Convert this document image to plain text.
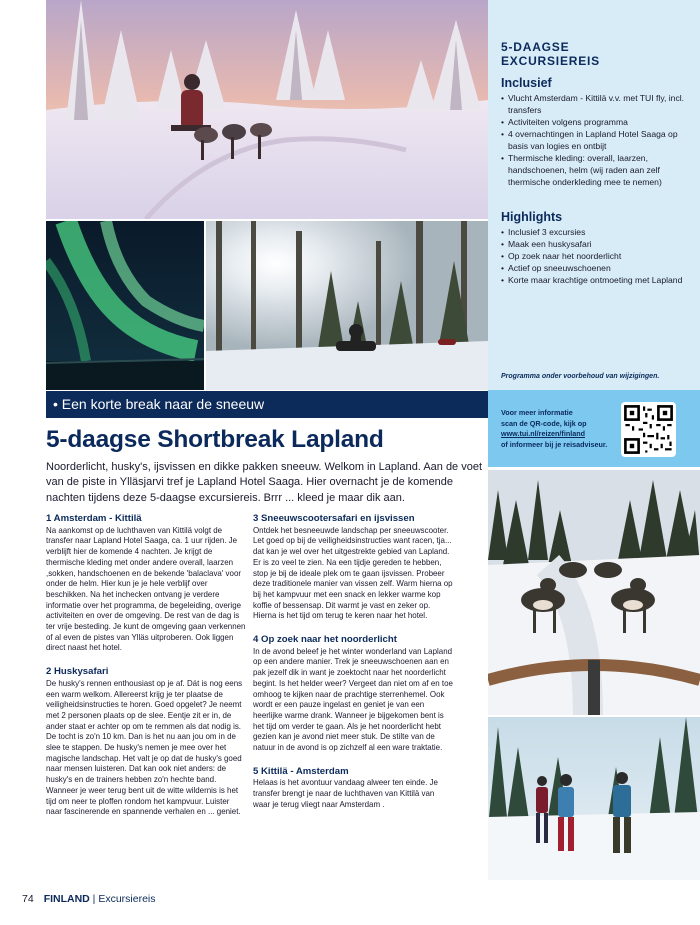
5-DAAGSE
EXCURSIEREIS
Inclusief
• Vlucht Amsterdam - Kittilä v.v. met TUI fly, incl. transfers
• Activiteiten volgens programma
• 4 overnachtingen in Lapland Hotel Saaga op basis van logies en ontbijt
• Thermische kleding: overall, laarzen, handschoenen, helm (wij raden aan zelf thermische onderkleding mee te nemen)
Highlights
• Inclusief 3 excursies
• Maak een huskysafari
• Op zoek naar het noorderlicht
• Actief op sneeuwschoenen
• Korte maar krachtige ontmoeting met Lapland
Programma onder voorbehoud van wijzigingen.
Voor meer informatie
scan de QR-code, kijk op
www.tui.nl/reizen/finland
of informeer bij je reisadviseur.
• Een korte break naar de sneeuw
5-daagse Shortbreak Lapland

Noorderlicht, husky's, ijsvissen en dikke pakken sneeuw. Welkom in Lapland. Aan de voet van de piste in Ylläsjarvi tref je Lapland Hotel Saaga. Hier overnacht je de komende nachten tijdens deze 5-daagse excursiereis. Brrr ... kleed je maar dik aan.

1 Amsterdam - Kittilä

Na aankomst op de luchthaven van Kittilä volgt de transfer naar Lapland Hotel Saaga, ca. 1 uur rijden. Je verblijft hier de komende 4 nachten. Je krijgt de thermische kleding met onder andere overall, laarzen ,sokken, handschoenen en de bekende 'balaclava' voor onder de helm. Hier kun je je hele verblijf over beschikken. Na het inchecken ontvang je verdere informatie over het programma, de begeleiding, overige activiteiten en over de omgeving. De rest van de dag is ter vrije besteding. Je kunt de omgeving gaan verkennen of al even de pistes van Ylläs uitproberen. Ook liggen direct naast het hotel.

2 Huskysafari

De husky's rennen enthousiast op je af. Dát is nog eens een warm welkom. Allereerst krijg je ter plaatse de veiligheidsinstructies te horen. Goed opgelet? Je neemt met 2 personen plaats op de slee. Eentje zit er in, de ander staat er achter op om te remmen als dat nodig is. De tocht is zo'n 10 km. Dan is het nu aan jou om in de slee te stappen. De husky's nemen je mee over het magische landschap. Het valt je op dat de husky's goed naar mensen luisteren. Dat kan ook niet anders: de husky's en de trainers hebben zo'n hechte band. Wanneer je weer terug bent uit de witte wildernis is het tijd om neer te ploffen rondom het kampvuur. Luister naar fascinerende en spannende verhalen en ... geniet.

3 Sneeuwscootersafari en ijsvissen

Ontdek het besneeuwde landschap per sneeuwscooter. Let goed op bij de veiligheidsinstructies want racen, tja... dat kan je wel over het uitgestrekte gebied van Lapland. Er is zo veel te zien. Na een tijdje gereden te hebben, stop je bij de ideale plek om te gaan ijsvissen. Probeer deze traditionele manier van vissen zelf. Warm hierna op bij het kampvuur met een snack en lekker warme kop koffie of bessensap. Dit warmt je vast en zeker op. Hierna is het tijd om terug te keren naar het hotel.

4 Op zoek naar het noorderlicht

In de avond beleef je het winter wonderland van Lapland op een andere manier. Trek je sneeuwschoenen aan en pak jezelf dik in want je zoektocht naar het noorderlicht begint. Is het helder weer? Vergeet dan niet om af en toe omhoog te kijken naar de prachtige sterrenhemel. Ook wordt er een pauze ingelast en geniet je van een heerlijke warme drank. Wanneer je bijgekomen bent is het tijd om verder te gaan. Als je het noorderlicht hebt gezien kan je avond niet meer stuk. De stilte van de natuur in de avond is op zichzelf al een ware traktatie.

5 Kittilä - Amsterdam

Helaas is het avontuur vandaag alweer ten einde. Je transfer brengt je naar de luchthaven van Kittilä van waar je terug vliegt naar Amsterdam .

74 FINLAND | Excursiereis
